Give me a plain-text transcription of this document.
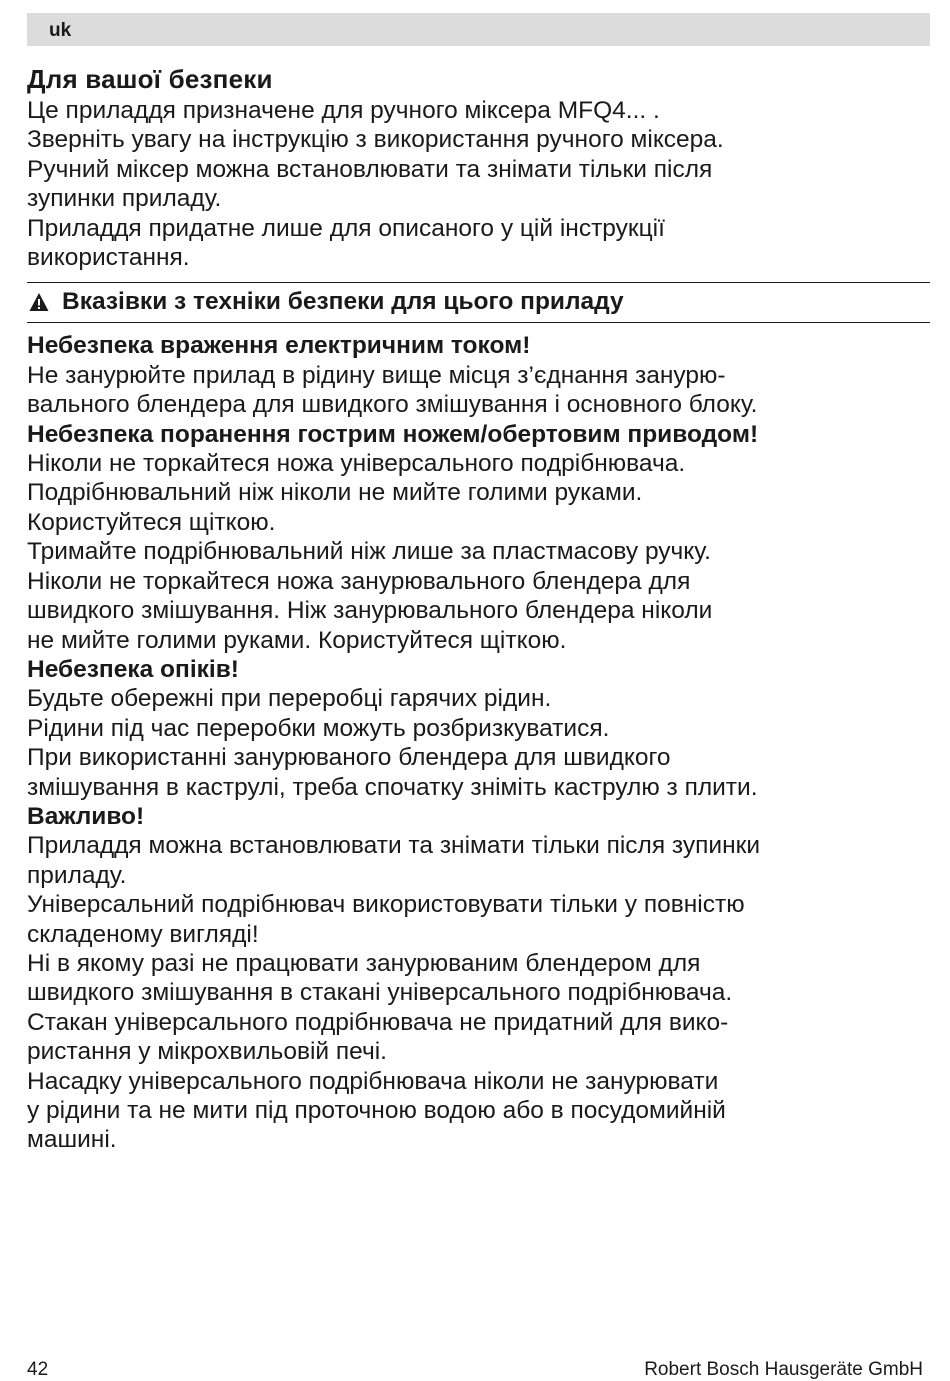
uk
Для вашої безпеки
Це приладдя призначене для ручного міксера MFQ4... .
Зверніть увагу на інструкцію з використання ручного міксера.
Ручний міксер можна встановлювати та знімати тільки після
зупинки приладу.
Приладдя придатне лише для описаного у цій інструкції
використання.
Вказівки з техніки безпеки для цього приладу
Небезпека враження електричним током!
Не занурюйте прилад в рідину вище місця з’єднання занурю-
вального блендера для швидкого змішування і основного блоку.
Небезпека поранення гострим ножем/обертовим приводом!
Ніколи не торкайтеся ножа універсального подрібнювача.
Подрібнювальний ніж ніколи не мийте голими руками.
Користуйтеся щіткою.
Тримайте подрібнювальний ніж лише за пластмасову ручку.
Ніколи не торкайтеся ножа занурювального блендера для
швидкого змішування. Ніж занурювального блендера ніколи
не мийте голими руками. Користуйтеся щіткою.
Небезпека опіків!
Будьте обережні при переробці гарячих рідин.
Рідини під час переробки можуть розбризкуватися.
При використанні занурюваного блендера для швидкого
змішування в каструлі, треба спочатку зніміть каструлю з плити.
Важливо!
Приладдя можна встановлювати та знімати тільки після зупинки
приладу.
Універсальний подрібнювач використовувати тільки у повністю
складеному вигляді!
Ні в якому разі не працювати занурюваним блендером для
швидкого змішування в стакані універсального подрібнювача.
Стакан універсального подрібнювача не придатний для вико-
ристання у мікрохвильовій печі.
Насадку універсального подрібнювача ніколи не занурювати
у рідини та не мити під проточною водою або в посудомийній
машині.
42	Robert Bosch Hausgeräte GmbH
